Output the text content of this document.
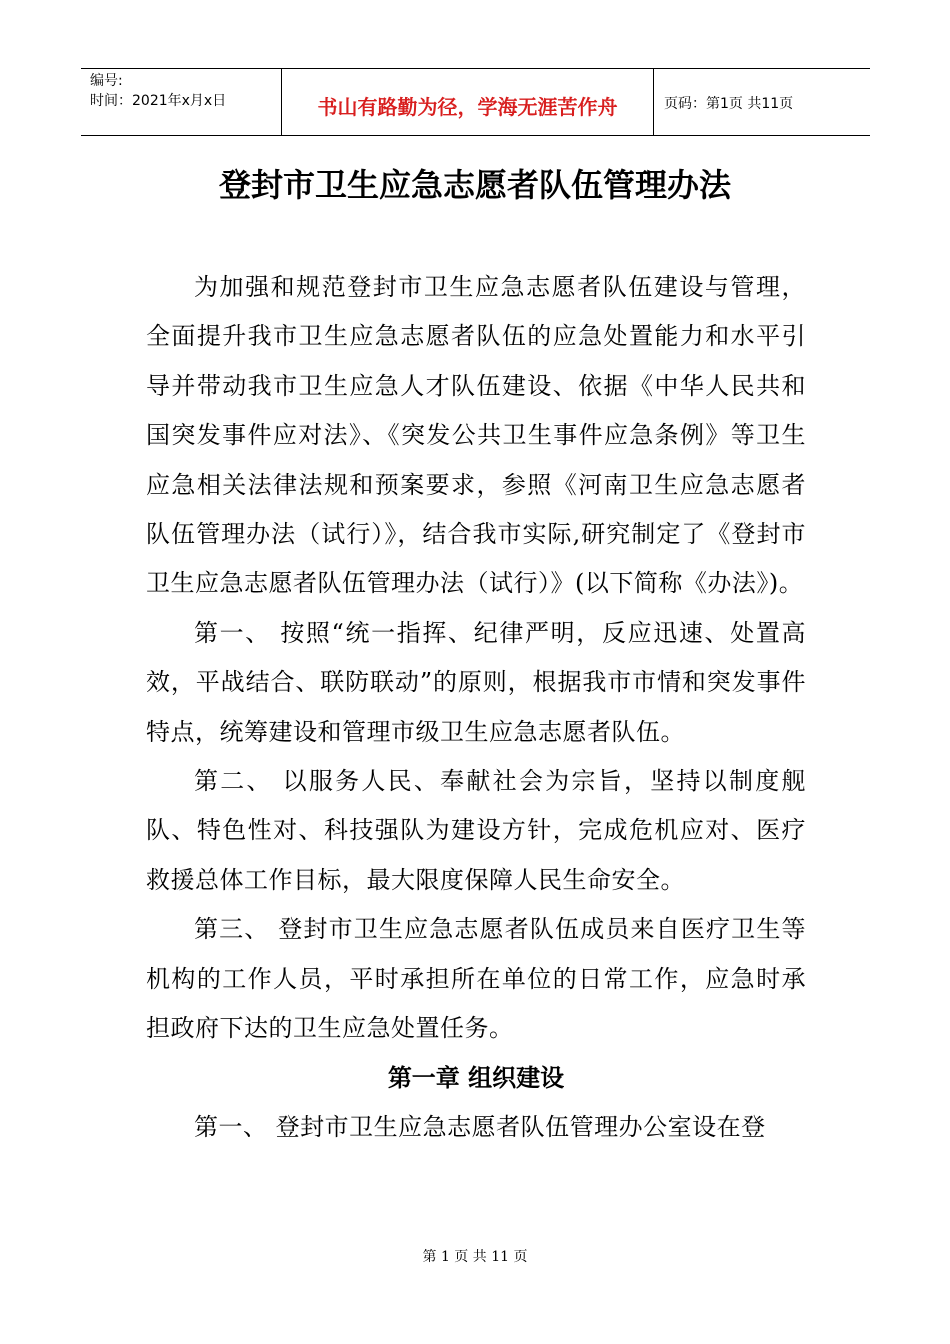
编号:
时间：2021年x月x日	书山有路勤为径，学海无涯苦作舟	页码：第1页 共11页
登封市卫生应急志愿者队伍管理办法

为加强和规范登封市卫生应急志愿者队伍建设与管理，全面提升我市卫生应急志愿者队伍的应急处置能力和水平引导并带动我市卫生应急人才队伍建设、依据《中华人民共和国突发事件应对法》、《突发公共卫生事件应急条例》等卫生应急相关法律法规和预案要求，参照《河南卫生应急志愿者队伍管理办法（试行）》，结合我市实际,研究制定了《登封市卫生应急志愿者队伍管理办法（试行）》(以下简称《办法》)。

第一、 按照“统一指挥、纪律严明，反应迅速、处置高效，平战结合、联防联动”的原则，根据我市市情和突发事件特点，统筹建设和管理市级卫生应急志愿者队伍。

第二、 以服务人民、奉献社会为宗旨，坚持以制度舰队、特色性对、科技强队为建设方针，完成危机应对、医疗救援总体工作目标，最大限度保障人民生命安全。

第三、 登封市卫生应急志愿者队伍成员来自医疗卫生等机构的工作人员，平时承担所在单位的日常工作，应急时承担政府下达的卫生应急处置任务。

第一章 组织建设

第一、 登封市卫生应急志愿者队伍管理办公室设在登

第 1 页 共 11 页
